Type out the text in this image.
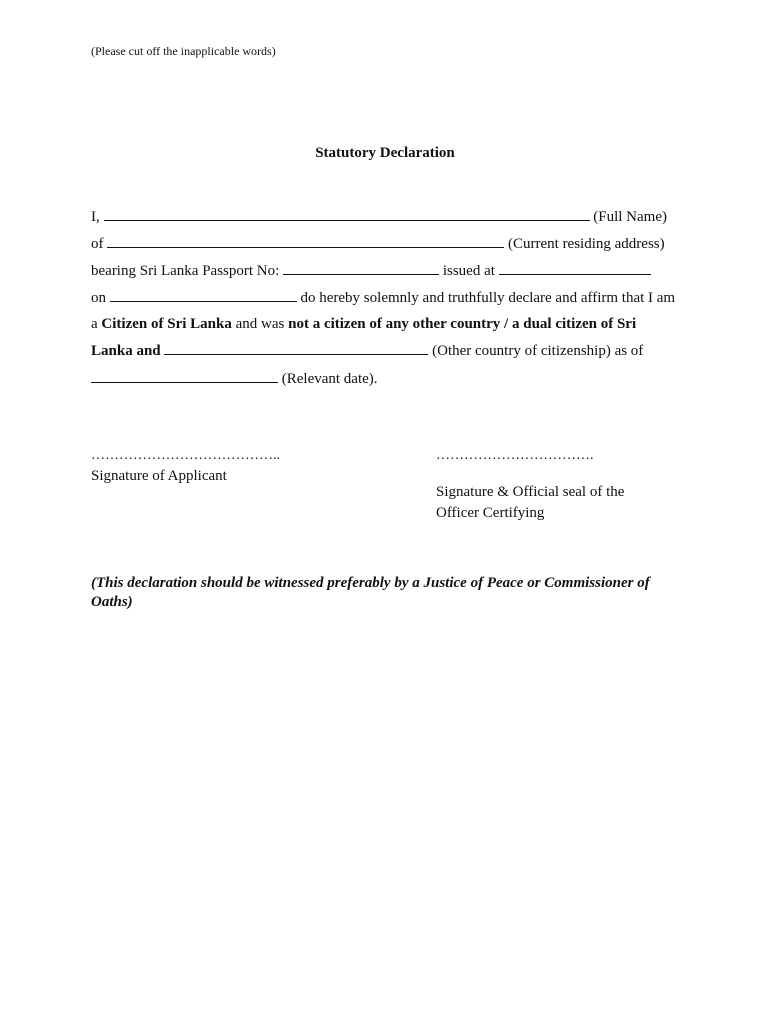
(Please cut off the inapplicable words)
Statutory Declaration
I,	(Full Name)
of	(Current residing address)
bearing Sri Lanka Passport No:	issued at
on	do hereby solemnly and truthfully declare and affirm that I am
a Citizen of Sri Lanka and was not a citizen of any other country / a dual citizen of Sri
Lanka and	(Other country of citizenship) as of
(Relevant date).
…………………………………..
Signature of Applicant
…………………………….
Signature & Official seal of the
Officer Certifying
(This declaration should be witnessed preferably by a Justice of Peace or Commissioner of Oaths)
